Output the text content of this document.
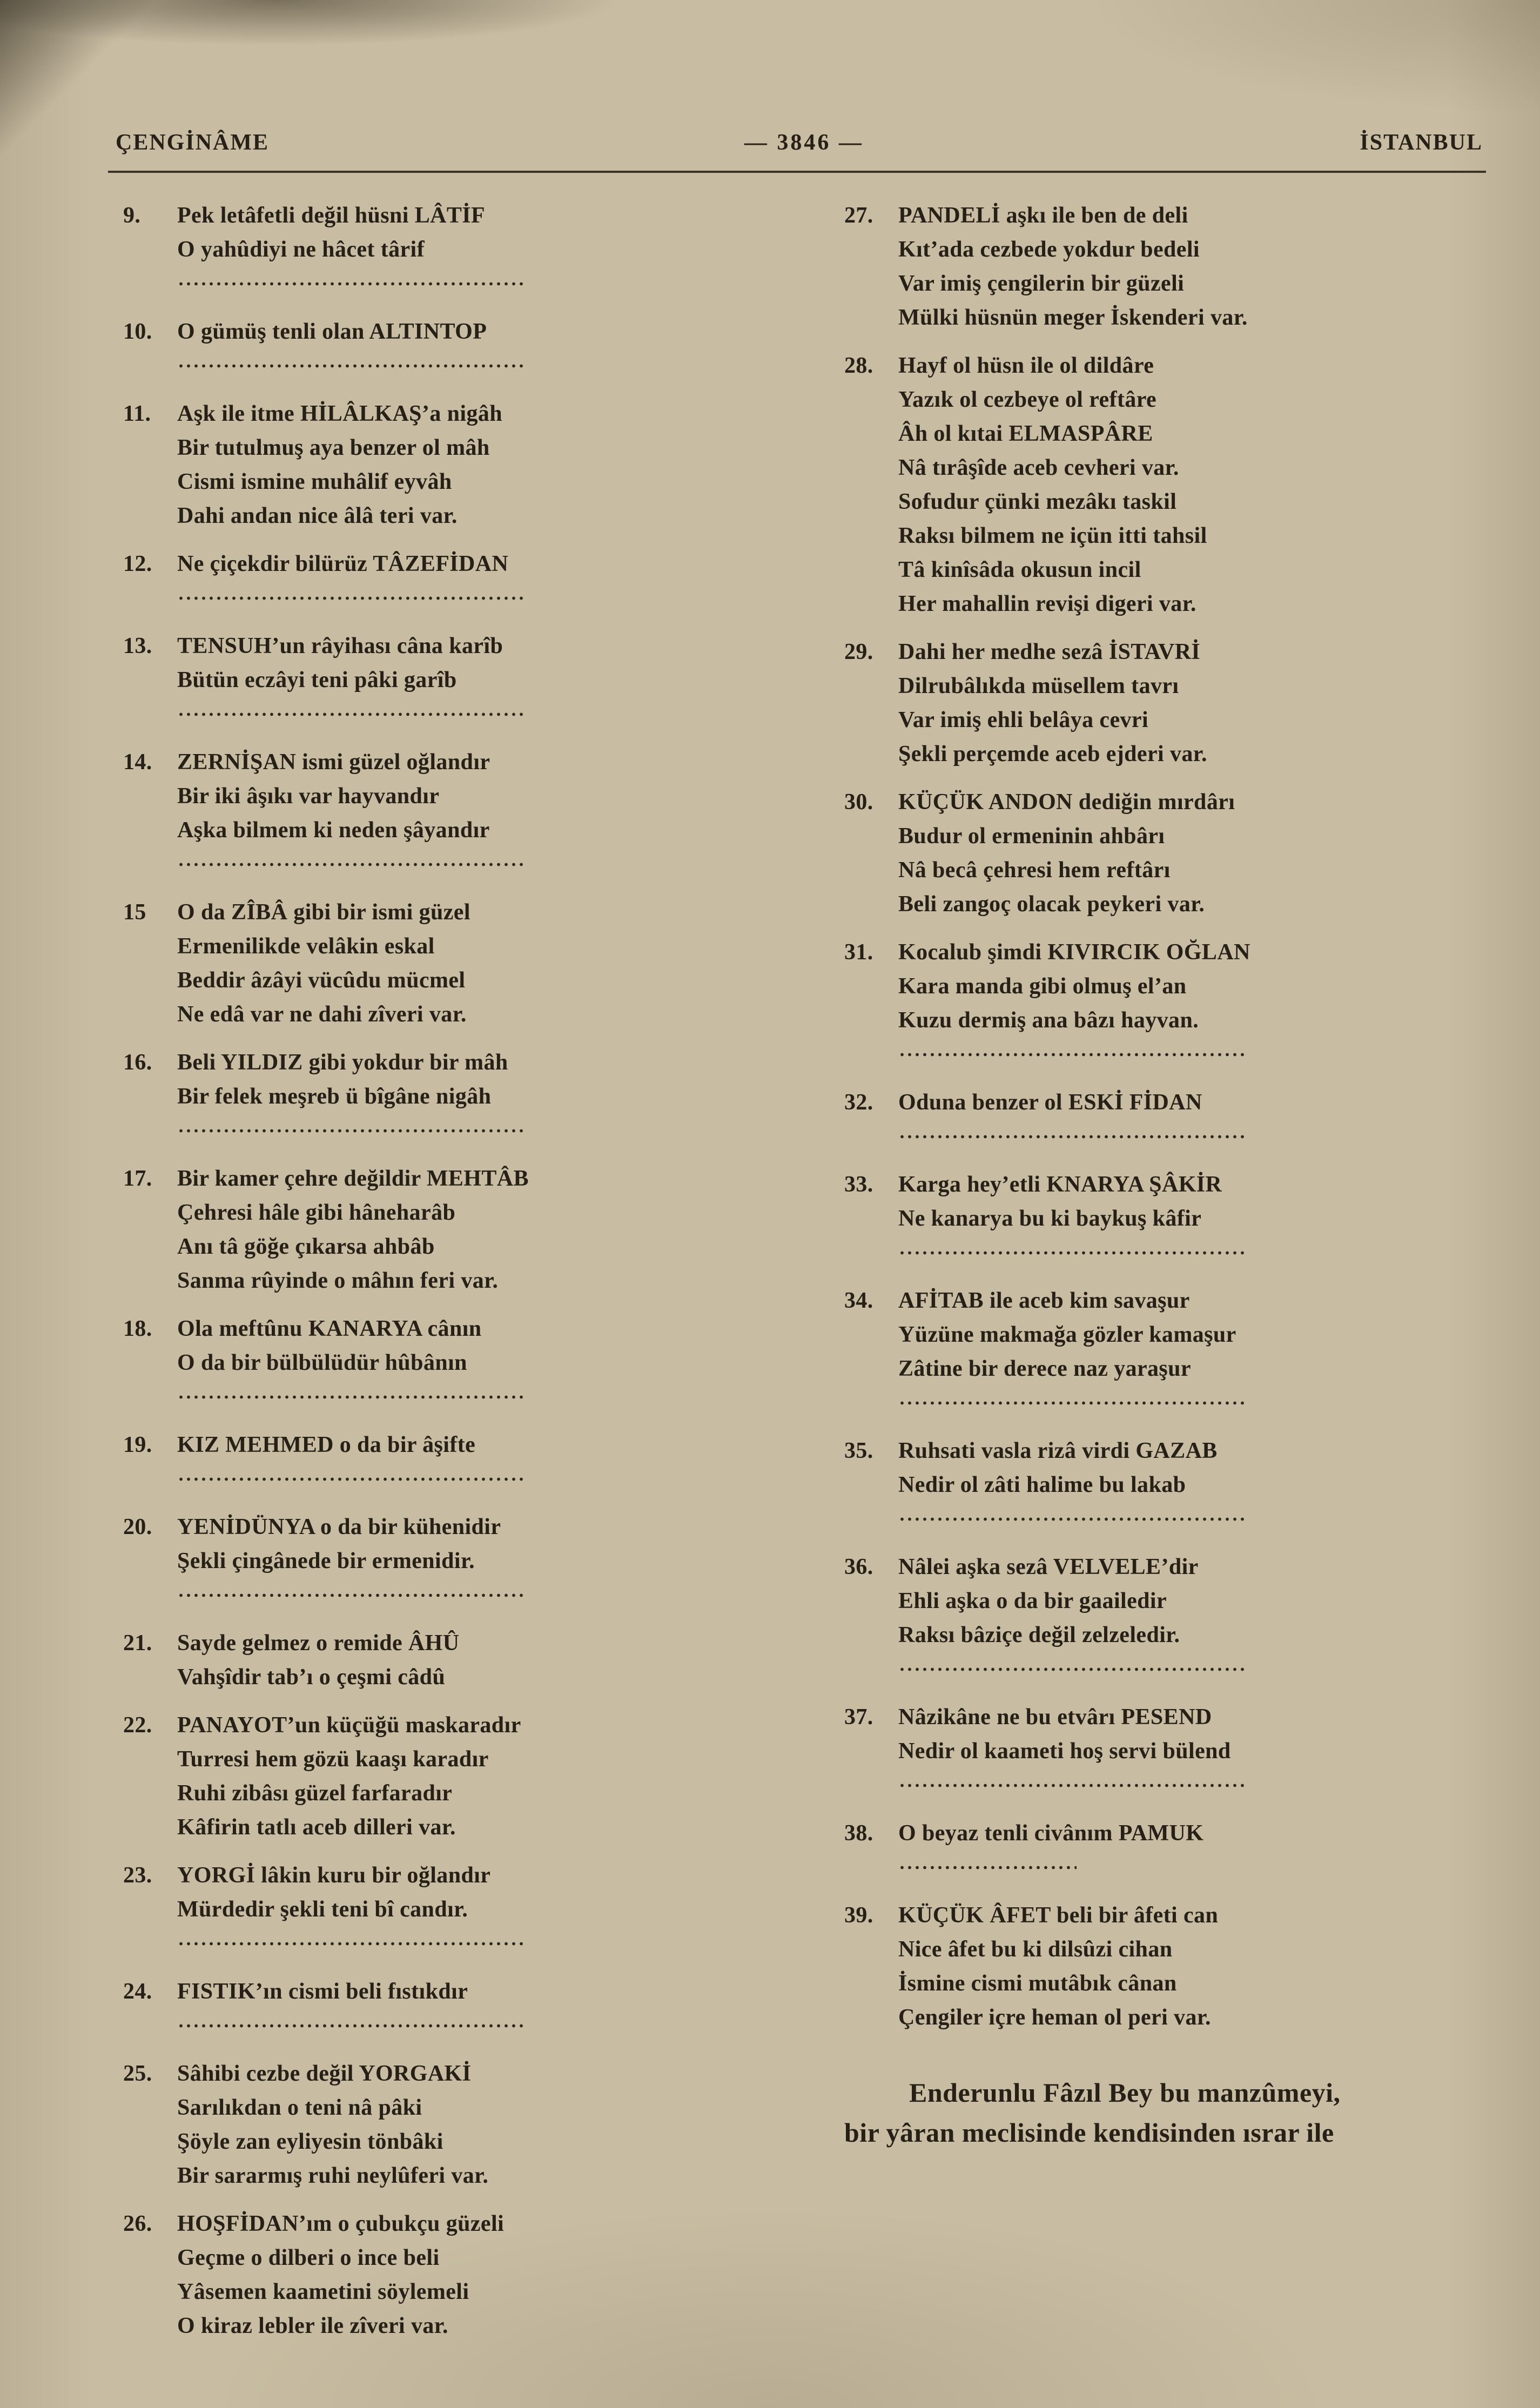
ÇENGİNÂME	— 3846 —	İSTANBUL
9.	Pek letâfetli değil hüsni LÂTİF
O yahûdiyi ne hâcet târif
10.	O gümüş tenli olan ALTINTOP
11.	Aşk ile itme HİLÂLKAŞ’a nigâh
Bir tutulmuş aya benzer ol mâh
Cismi ismine muhâlif eyvâh
Dahi andan nice âlâ teri var.
12.	Ne çiçekdir bilürüz TÂZEFİDAN
13.	TENSUH’un râyihası câna karîb
Bütün eczâyi teni pâki garîb
14.	ZERNİŞAN ismi güzel oğlandır
Bir iki âşıkı var hayvandır
Aşka bilmem ki neden şâyandır
15	O da ZÎBÂ gibi bir ismi güzel
Ermenilikde velâkin eskal
Beddir âzâyi vücûdu mücmel
Ne edâ var ne dahi zîveri var.
16.	Beli YILDIZ gibi yokdur bir mâh
Bir felek meşreb ü bîgâne nigâh
17.	Bir kamer çehre değildir MEHTÂB
Çehresi hâle gibi hâneharâb
Anı tâ göğe çıkarsa ahbâb
Sanma rûyinde o mâhın feri var.
18.	Ola meftûnu KANARYA cânın
O da bir bülbülüdür hûbânın
19.	KIZ MEHMED o da bir âşifte
20.	YENİDÜNYA o da bir kühenidir
Şekli çingânede bir ermenidir.
21.	Sayde gelmez o remide ÂHÛ
Vahşîdir tab’ı o çeşmi câdû
22.	PANAYOT’un küçüğü maskaradır
Turresi hem gözü kaaşı karadır
Ruhi zibâsı güzel farfaradır
Kâfirin tatlı aceb dilleri var.
23.	YORGİ lâkin kuru bir oğlandır
Mürdedir şekli teni bî candır.
24.	FISTIK’ın cismi beli fıstıkdır
25.	Sâhibi cezbe değil YORGAKİ
Sarılıkdan o teni nâ pâki
Şöyle zan eyliyesin tönbâki
Bir sararmış ruhi neylûferi var.
26.	HOŞFİDAN’ım o çubukçu güzeli
Geçme o dilberi o ince beli
Yâsemen kaametini söylemeli
O kiraz lebler ile zîveri var.
27.	PANDELİ aşkı ile ben de deli
Kıt’ada cezbede yokdur bedeli
Var imiş çengilerin bir güzeli
Mülki hüsnün meger İskenderi var.
28.	Hayf ol hüsn ile ol dildâre
Yazık ol cezbeye ol reftâre
Âh ol kıtai ELMASPÂRE
Nâ tırâşîde aceb cevheri var.
Sofudur çünki mezâkı taskil
Raksı bilmem ne içün itti tahsil
Tâ kinîsâda okusun incil
Her mahallin revişi digeri var.
29.	Dahi her medhe sezâ İSTAVRİ
Dilrubâlıkda müsellem tavrı
Var imiş ehli belâya cevri
Şekli perçemde aceb ejderi var.
30.	KÜÇÜK ANDON dediğin mırdârı
Budur ol ermeninin ahbârı
Nâ becâ çehresi hem reftârı
Beli zangoç olacak peykeri var.
31.	Kocalub şimdi KIVIRCIK OĞLAN
Kara manda gibi olmuş el’an
Kuzu dermiş ana bâzı hayvan.
32.	Oduna benzer ol ESKİ FİDAN
33.	Karga hey’etli KNARYA ŞÂKİR
Ne kanarya bu ki baykuş kâfir
34.	AFİTAB ile aceb kim savaşur
Yüzüne makmağa gözler kamaşur
Zâtine bir derece naz yaraşur
35.	Ruhsati vasla rizâ virdi GAZAB
Nedir ol zâti halime bu lakab
36.	Nâlei aşka sezâ VELVELE’dir
Ehli aşka o da bir gaailedir
Raksı bâziçe değil zelzeledir.
37.	Nâzikâne ne bu etvârı PESEND
Nedir ol kaameti hoş servi bülend
38.	O beyaz tenli civânım PAMUK
39.	KÜÇÜK ÂFET beli bir âfeti can
Nice âfet bu ki dilsûzi cihan
İsmine cismi mutâbık cânan
Çengiler içre heman ol peri var.
Enderunlu Fâzıl Bey bu manzûmeyi,
bir yâran meclisinde kendisinden ısrar ile
